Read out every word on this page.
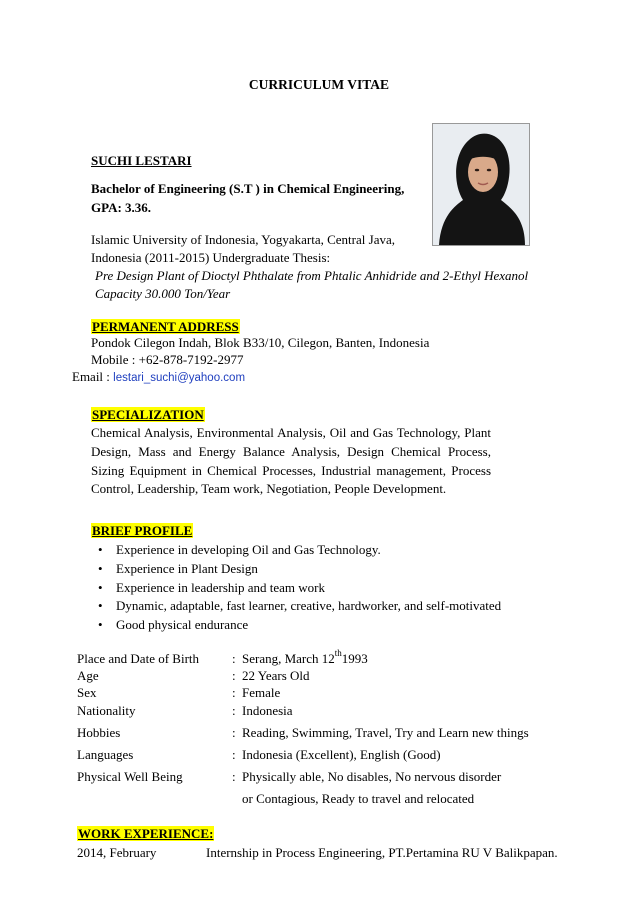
CURRICULUM VITAE
SUCHI LESTARI
Bachelor of Engineering (S.T ) in Chemical Engineering,
GPA: 3.36.
Islamic University of Indonesia, Yogyakarta, Central Java,
Indonesia (2011-2015) Undergraduate Thesis:
Pre Design Plant of Dioctyl Phthalate from Phtalic Anhidride and 2-Ethyl Hexanol
Capacity 30.000 Ton/Year
PERMANENT ADDRESS
Pondok Cilegon Indah, Blok B33/10, Cilegon, Banten, Indonesia
Mobile : +62-878-7192-2977
Email : lestari_suchi@yahoo.com
SPECIALIZATION
Chemical Analysis, Environmental Analysis, Oil and Gas Technology, Plant Design, Mass and Energy Balance Analysis, Design Chemical Process, Sizing Equipment in Chemical Processes, Industrial management, Process Control, Leadership, Team work, Negotiation, People Development.
BRIEF PROFILE
• Experience in developing Oil and Gas Technology.
• Experience in Plant Design
• Experience in leadership and team work
• Dynamic, adaptable, fast learner, creative, hardworker, and self-motivated
• Good physical endurance
Place and Date of Birth	: Serang, March 12th1993
Age	: 22 Years Old
Sex	: Female
Nationality	: Indonesia
Hobbies	: Reading, Swimming, Travel, Try and Learn new things
Languages	: Indonesia (Excellent), English (Good)
Physical Well Being	: Physically able, No disables, No nervous disorder
or Contagious, Ready to travel and relocated
WORK EXPERIENCE:
2014, February	Internship in Process Engineering, PT.Pertamina RU V Balikpapan.
